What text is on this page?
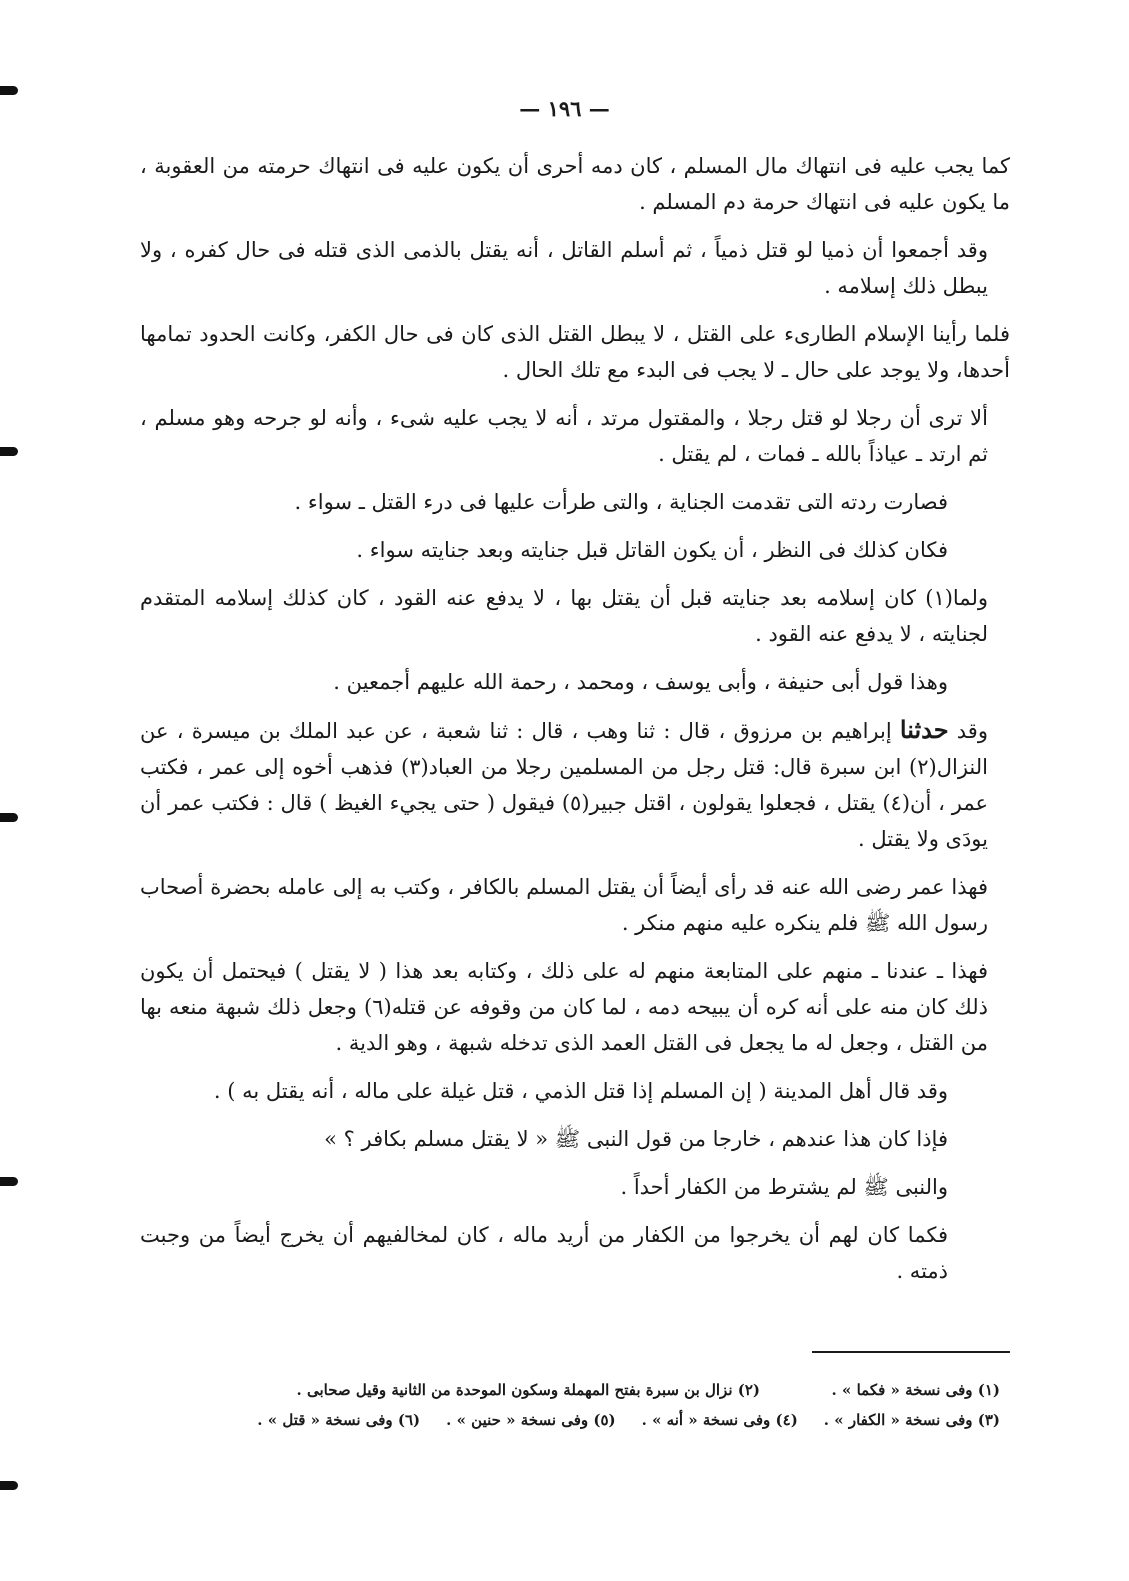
— ١٩٦ —

كما يجب عليه فى انتهاك مال المسلم ، كان دمه أحرى أن يكون عليه فى انتهاك حرمته من العقوبة ، ما يكون عليه فى انتهاك حرمة دم المسلم .

وقد أجمعوا أن ذميا لو قتل ذمياً ، ثم أسلم القاتل ، أنه يقتل بالذمى الذى قتله فى حال كفره ، ولا يبطل ذلك إسلامه .

فلما رأينا الإسلام الطارىء على القتل ، لا يبطل القتل الذى كان فى حال الكفر، وكانت الحدود تمامها أحدها، ولا يوجد على حال ـ لا يجب فى البدء مع تلك الحال .

ألا ترى أن رجلا لو قتل رجلا ، والمقتول مرتد ، أنه لا يجب عليه شىء ، وأنه لو جرحه وهو مسلم ، ثم ارتد ـ عياذاً بالله ـ فمات ، لم يقتل .

فصارت ردته التى تقدمت الجناية ، والتى طرأت عليها فى درء القتل ـ سواء .

فكان كذلك فى النظر ، أن يكون القاتل قبل جنايته وبعد جنايته سواء .

ولما(١) كان إسلامه بعد جنايته قبل أن يقتل بها ، لا يدفع عنه القود ، كان كذلك إسلامه المتقدم لجنايته ، لا يدفع عنه القود .

وهذا قول أبى حنيفة ، وأبى يوسف ، ومحمد ، رحمة الله عليهم أجمعين .

وقد حدثنا إبراهيم بن مرزوق ، قال : ثنا وهب ، قال : ثنا شعبة ، عن عبد الملك بن ميسرة ، عن النزال(٢) ابن سبرة قال: قتل رجل من المسلمين رجلا من العباد(٣) فذهب أخوه إلى عمر ، فكتب عمر ، أن(٤) يقتل ، فجعلوا يقولون ، اقتل جبير(٥) فيقول ( حتى يجيء الغيظ ) قال : فكتب عمر أن يودَى ولا يقتل .

فهذا عمر رضى الله عنه قد رأى أيضاً أن يقتل المسلم بالكافر ، وكتب به إلى عامله بحضرة أصحاب رسول الله ﷺ فلم ينكره عليه منهم منكر .

فهذا ـ عندنا ـ منهم على المتابعة منهم له على ذلك ، وكتابه بعد هذا ( لا يقتل ) فيحتمل أن يكون ذلك كان منه على أنه كره أن يبيحه دمه ، لما كان من وقوفه عن قتله(٦) وجعل ذلك شبهة منعه بها من القتل ، وجعل له ما يجعل فى القتل العمد الذى تدخله شبهة ، وهو الدية .

وقد قال أهل المدينة ( إن المسلم إذا قتل الذمي ، قتل غيلة على ماله ، أنه يقتل به ) .

فإذا كان هذا عندهم ، خارجا من قول النبى ﷺ « لا يقتل مسلم بكافر ؟ »

والنبى ﷺ لم يشترط من الكفار أحداً .

فكما كان لهم أن يخرجوا من الكفار من أريد ماله ، كان لمخالفيهم أن يخرج أيضاً من وجبت ذمته .

(١) وفى نسخة « فكما » .
(٢) نزال بن سبرة بفتح المهملة وسكون الموحدة من الثانية وقيل صحابى .
(٣) وفى نسخة « الكفار » .
(٤) وفى نسخة « أنه » .
(٥) وفى نسخة « حنين » .
(٦) وفى نسخة « قتل » .
